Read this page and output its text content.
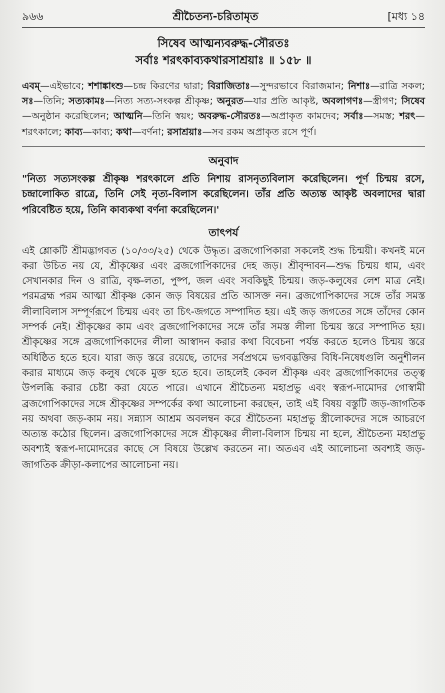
৯৬৬	শ্রীচৈতন্য-চরিতামৃত	[মধ্য ১৪
সিষেব আত্মন্যবরুদ্ধ-সৌরতঃ
সর্বাঃ শরৎকাব্যকথারসাশ্রয়াঃ ॥ ১৫৮ ॥
এবম্—এইভাবে; শশাঙ্কাংশু—চন্দ্র কিরণের দ্বারা; বিরাজিতাঃ—সুন্দরভাবে বিরাজমান; নিশাঃ—রাত্রি সকল; সঃ—তিনি; সত্যকামঃ—নিত্য সত্য-সংকল্প শ্রীকৃষ্ণ; অনুরত—যার প্রতি আকৃষ্ট, অবলাগণঃ—স্ত্রীগণ; সিষেব—অনুষ্ঠান করেছিলেন; আত্মনি—তিনি স্বয়ং; অবরুদ্ধ-সৌরতঃ—অপ্রাকৃত কামদেব; সর্বাঃ—সমস্ত; শরৎ—শরৎকালে; কাব্য—কাব্য; কথা—বর্ণনা; রসাশ্রয়াঃ—সব রকম অপ্রাকৃত রসে পূর্ণ।
অনুবাদ
"নিত্য সত্যসংকল্প শ্রীকৃষ্ণ শরৎকালে প্রতি নিশায় রাসনৃত্যবিলাস করেছিলেন। পূর্ণ চিন্ময় রসে, চন্দ্রালোকিত রাত্রে, তিনি সেই নৃত্য-বিলাস করেছিলেন। তাঁর প্রতি অত্যন্ত আকৃষ্ট অবলাদের দ্বারা পরিবেষ্টিত হয়ে, তিনি কাব্যকথা বর্ণনা করেছিলেন।'
তাৎপর্য
এই শ্লোকটি শ্রীমদ্ভাগবত (১০/৩৩/২৫) থেকে উদ্ধৃত। ব্রজগোপিকারা সকলেই শুদ্ধ চিন্ময়ী। কখনই মনে করা উচিত নয় যে, শ্রীকৃষ্ণের এবং ব্রজগোপিকাদের দেহ জড়। শ্রীবৃন্দাবন—শুদ্ধ চিন্ময় ধাম, এবং সেখানকার দিন ও রাত্রি, বৃক্ষ-লতা, পুষ্প, জল এবং সবকিছুই চিন্ময়। জড়-কলুষের লেশ মাত্র নেই। পরমব্রহ্ম পরম আত্মা শ্রীকৃষ্ণ কোন জড় বিষয়ের প্রতি আসক্ত নন। ব্রজগোপিকাদের সঙ্গে তাঁর সমস্ত লীলাবিলাস সম্পূর্ণরূপে চিন্ময় এবং তা চিৎ-জগতে সম্পাদিত হয়। এই জড় জগতের সঙ্গে তাঁদের কোন সম্পর্ক নেই। শ্রীকৃষ্ণের কাম এবং ব্রজগোপিকাদের সঙ্গে তাঁর সমস্ত লীলা চিন্ময় স্তরে সম্পাদিত হয়। শ্রীকৃষ্ণের সঙ্গে ব্রজগোপিকাদের লীলা আস্বাদন করার কথা বিবেচনা পর্যন্ত করতে হলেও চিন্ময় স্তরে অধিষ্ঠিত হতে হবে। যারা জড় স্তরে রয়েছে, তাদের সর্বপ্রথমে ভগবদ্ভক্তির বিধি-নিষেধগুলি অনুশীলন করার মাধ্যমে জড় কলুষ থেকে মুক্ত হতে হবে। তাহলেই কেবল শ্রীকৃষ্ণ এবং ব্রজগোপিকাদের তত্ত্ব উপলব্ধি করার চেষ্টা করা যেতে পারে। এখানে শ্রীচৈতন্য মহাপ্রভু এবং স্বরূপ-দামোদর গোস্বামী ব্রজগোপিকাদের সঙ্গে শ্রীকৃষ্ণের সম্পর্কের কথা আলোচনা করছেন, তাই এই বিষয় বস্তুটি জড়-জাগতিক নয় অথবা জড়-কাম নয়। সন্ন্যাস আশ্রম অবলম্বন করে শ্রীচৈতন্য মহাপ্রভু স্ত্রীলোকদের সঙ্গে আচরণে অত্যন্ত কঠোর ছিলেন। ব্রজগোপিকাদের সঙ্গে শ্রীকৃষ্ণের লীলা-বিলাস চিন্ময় না হলে, শ্রীচৈতন্য মহাপ্রভু অবশ্যই স্বরূপ-দামোদরের কাছে সে বিষয়ে উল্লেখ করতেন না। অতএব এই আলোচনা অবশ্যই জড়-জাগতিক ক্রীড়া-কলাপের আলোচনা নয়।
